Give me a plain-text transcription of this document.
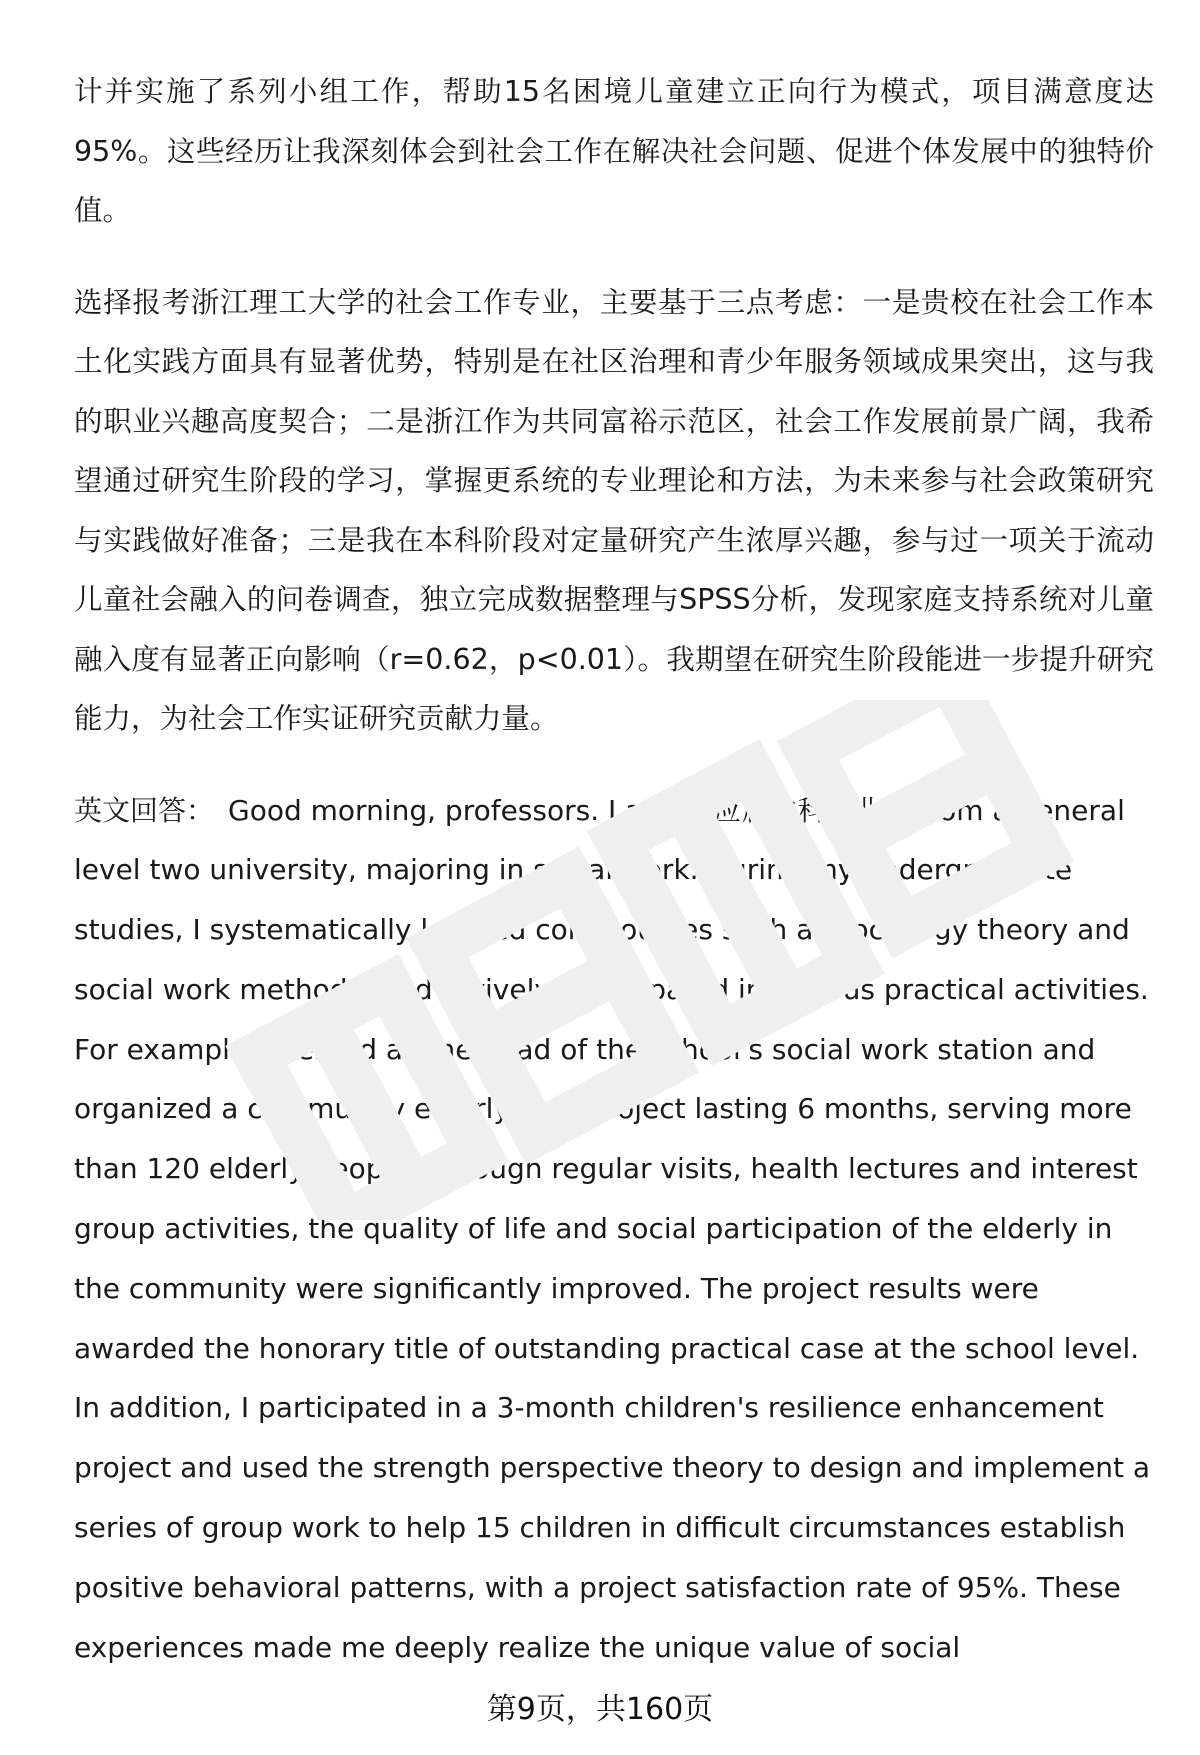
计并实施了系列小组工作，帮助15名困境儿童建立正向行为模式，项目满意度达95%。这些经历让我深刻体会到社会工作在解决社会问题、促进个体发展中的独特价值。

选择报考浙江理工大学的社会工作专业，主要基于三点考虑：一是贵校在社会工作本土化实践方面具有显著优势，特别是在社区治理和青少年服务领域成果突出，这与我的职业兴趣高度契合；二是浙江作为共同富裕示范区，社会工作发展前景广阔，我希望通过研究生阶段的学习，掌握更系统的专业理论和方法，为未来参与社会政策研究与实践做好准备；三是我在本科阶段对定量研究产生浓厚兴趣，参与过一项关于流动儿童社会融入的问卷调查，独立完成数据整理与SPSS分析，发现家庭支持系统对儿童融入度有显著正向影响（r=0.62，p<0.01）。我期望在研究生阶段能进一步提升研究能力，为社会工作实证研究贡献力量。

英文回答： Good morning, professors. I am an应届本科毕业生 from a general level two university, majoring in social work. During my undergraduate studies, I systematically learned core courses such as sociology theory and social work methods, and actively participated in various practical activities. For example, I served as the head of the school's social work station and organized a community elderly care project lasting 6 months, serving more than 120 elderly people. Through regular visits, health lectures and interest group activities, the quality of life and social participation of the elderly in the community were significantly improved. The project results were awarded the honorary title of outstanding practical case at the school level. In addition, I participated in a 3-month children's resilience enhancement project and used the strength perspective theory to design and implement a series of group work to help 15 children in difficult circumstances establish positive behavioral patterns, with a project satisfaction rate of 95%. These experiences made me deeply realize the unique value of social

第9页，共160页
